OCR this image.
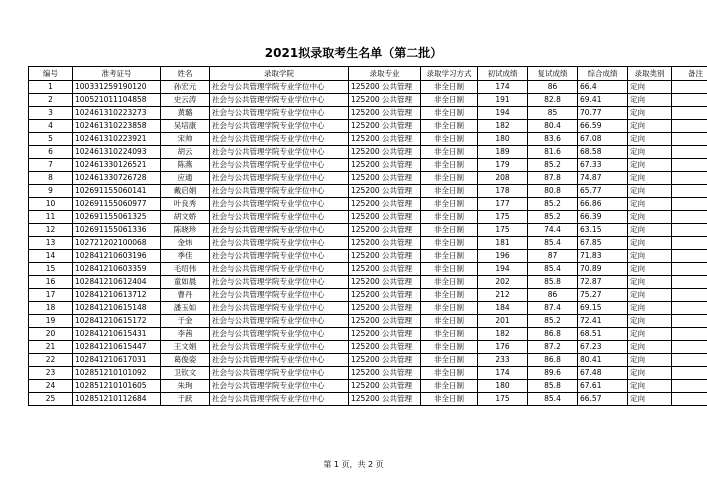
2021拟录取考生名单（第二批）
编号	准考证号	姓名	录取学院	录取专业	录取学习方式	初试成绩	复试成绩	综合成绩	录取类别	备注
1	100331259190120	孙宏元	社会与公共管理学院专业学位中心	125200 公共管理	非全日制	174	86	66.4	定向	
2	100521011104858	史云涛	社会与公共管理学院专业学位中心	125200 公共管理	非全日制	191	82.8	69.41	定向	
3	102461310223273	黄璐	社会与公共管理学院专业学位中心	125200 公共管理	非全日制	194	85	70.77	定向	
4	102461310223858	吴培康	社会与公共管理学院专业学位中心	125200 公共管理	非全日制	182	80.4	66.59	定向	
5	102461310223921	宋帅	社会与公共管理学院专业学位中心	125200 公共管理	非全日制	180	83.6	67.08	定向	
6	102461310224093	胡云	社会与公共管理学院专业学位中心	125200 公共管理	非全日制	189	81.6	68.58	定向	
7	102461330126521	陈燕	社会与公共管理学院专业学位中心	125200 公共管理	非全日制	179	85.2	67.33	定向	
8	102461330726728	应通	社会与公共管理学院专业学位中心	125200 公共管理	非全日制	208	87.8	74.87	定向	
9	102691155060141	戴启娟	社会与公共管理学院专业学位中心	125200 公共管理	非全日制	178	80.8	65.77	定向	
10	102691155060977	叶良秀	社会与公共管理学院专业学位中心	125200 公共管理	非全日制	177	85.2	66.86	定向	
11	102691155061325	胡文娇	社会与公共管理学院专业学位中心	125200 公共管理	非全日制	175	85.2	66.39	定向	
12	102691155061336	陈晓珍	社会与公共管理学院专业学位中心	125200 公共管理	非全日制	175	74.4	63.15	定向	
13	102721202100068	金炜	社会与公共管理学院专业学位中心	125200 公共管理	非全日制	181	85.4	67.85	定向	
14	102841210603196	季佳	社会与公共管理学院专业学位中心	125200 公共管理	非全日制	196	87	71.83	定向	
15	102841210603359	毛绍伟	社会与公共管理学院专业学位中心	125200 公共管理	非全日制	194	85.4	70.89	定向	
16	102841210612404	童如晨	社会与公共管理学院专业学位中心	125200 公共管理	非全日制	202	85.8	72.87	定向	
17	102841210613712	曹丹	社会与公共管理学院专业学位中心	125200 公共管理	非全日制	212	86	75.27	定向	
18	102841210615148	潘玉如	社会与公共管理学院专业学位中心	125200 公共管理	非全日制	184	87.4	69.15	定向	
19	102841210615172	于金	社会与公共管理学院专业学位中心	125200 公共管理	非全日制	201	85.2	72.41	定向	
20	102841210615431	李茜	社会与公共管理学院专业学位中心	125200 公共管理	非全日制	182	86.8	68.51	定向	
21	102841210615447	王文娟	社会与公共管理学院专业学位中心	125200 公共管理	非全日制	176	87.2	67.23	定向	
22	102841210617031	葛俊姿	社会与公共管理学院专业学位中心	125200 公共管理	非全日制	233	86.8	80.41	定向	
23	102851210101092	卫钦文	社会与公共管理学院专业学位中心	125200 公共管理	非全日制	174	89.6	67.48	定向	
24	102851210101605	朱珣	社会与公共管理学院专业学位中心	125200 公共管理	非全日制	180	85.8	67.61	定向	
25	102851210112684	于跃	社会与公共管理学院专业学位中心	125200 公共管理	非全日制	175	85.4	66.57	定向	
第 1 页，共 2 页
